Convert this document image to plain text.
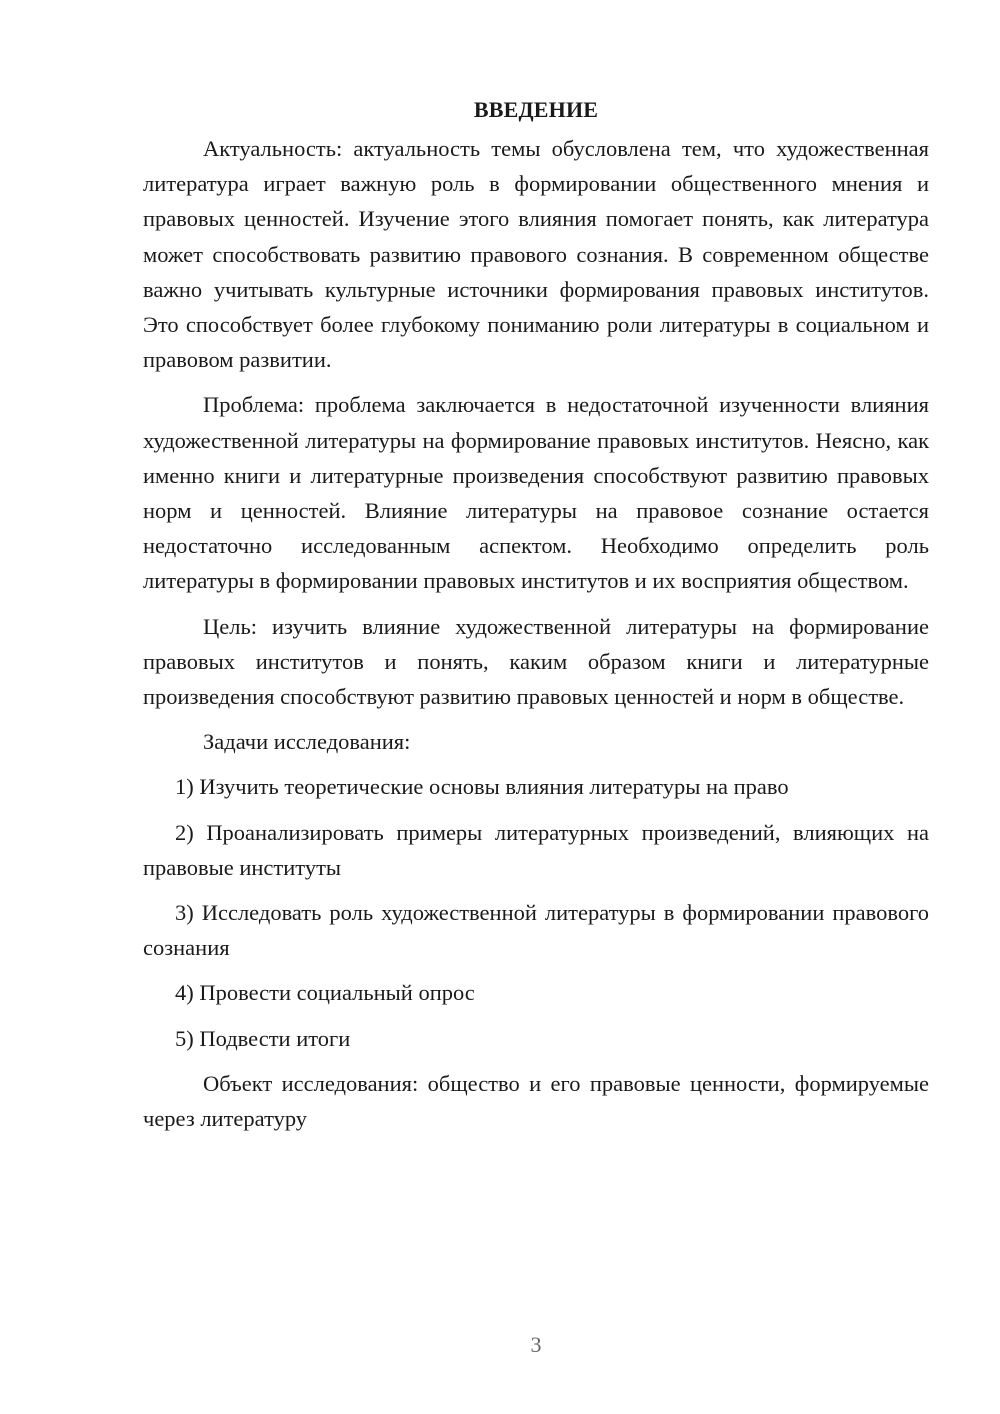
ВВЕДЕНИЕ

Актуальность: актуальность темы обусловлена тем, что художественная литература играет важную роль в формировании общественного мнения и правовых ценностей. Изучение этого влияния помогает понять, как литература может способствовать развитию правового сознания. В современном обществе важно учитывать культурные источники формирования правовых институтов. Это способствует более глубокому пониманию роли литературы в социальном и правовом развитии.

Проблема: проблема заключается в недостаточной изученности влияния художественной литературы на формирование правовых институтов. Неясно, как именно книги и литературные произведения способствуют развитию правовых норм и ценностей. Влияние литературы на правовое сознание остается недостаточно исследованным аспектом. Необходимо определить роль литературы в формировании правовых институтов и их восприятия обществом.

Цель: изучить влияние художественной литературы на формирование правовых институтов и понять, каким образом книги и литературные произведения способствуют развитию правовых ценностей и норм в обществе.

Задачи исследования:

1) Изучить теоретические основы влияния литературы на право

2) Проанализировать примеры литературных произведений, влияющих на правовые институты

3) Исследовать роль художественной литературы в формировании правового сознания

4) Провести социальный опрос

5) Подвести итоги

Объект исследования: общество и его правовые ценности, формируемые через литературу

3
